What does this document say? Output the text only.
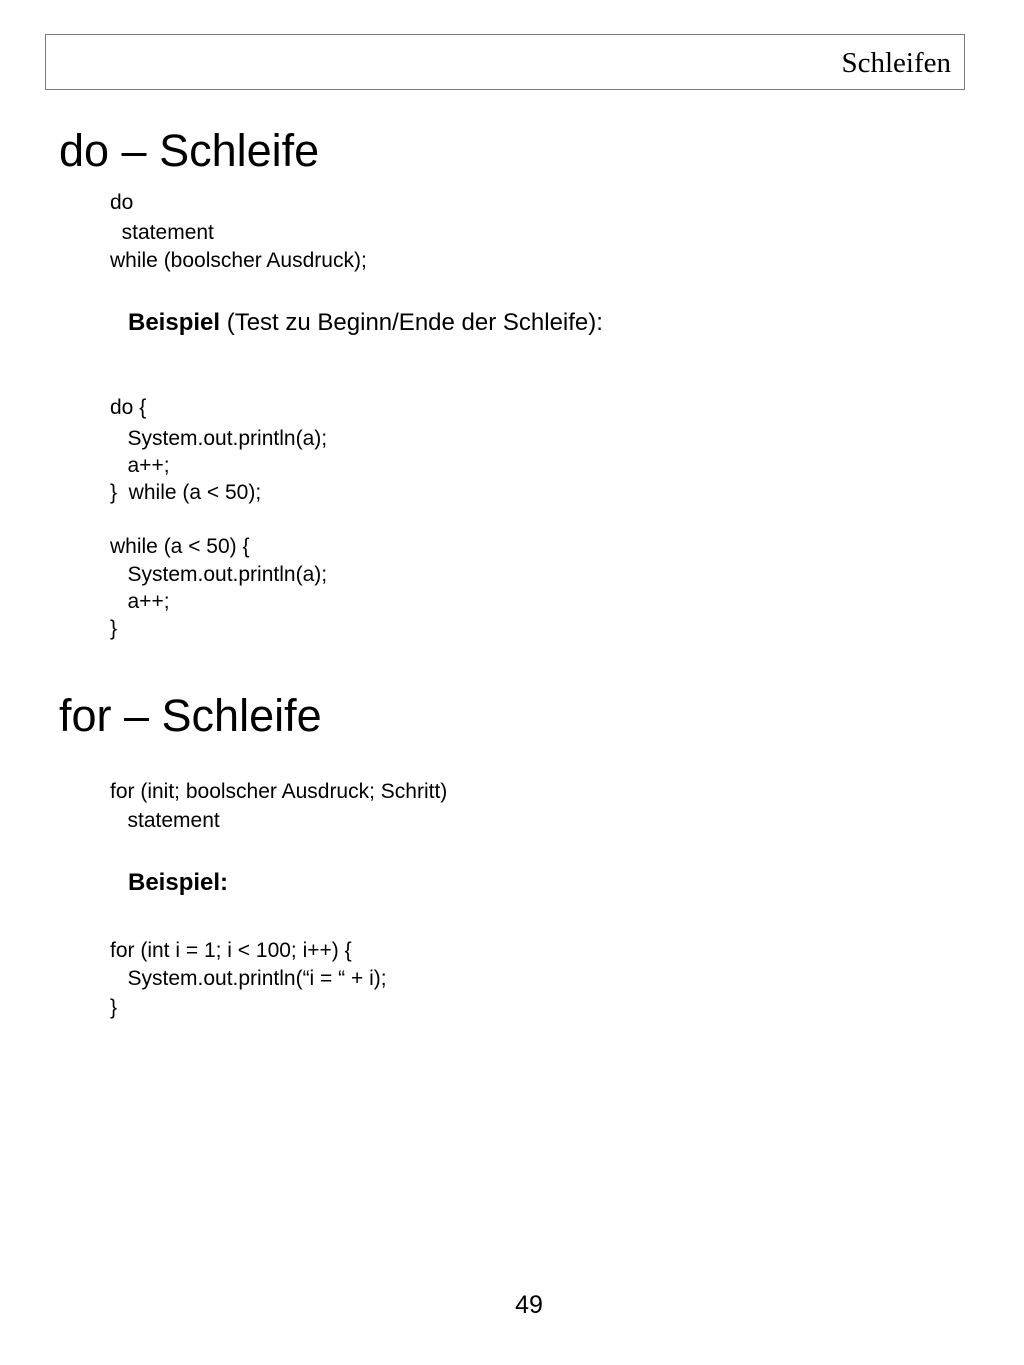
Schleifen
do – Schleife
do
statement
while (boolscher Ausdruck);
Beispiel (Test zu Beginn/Ende der Schleife):
do {
System.out.println(a);
a++;
}  while (a < 50);
while (a < 50) {
System.out.println(a);
a++;
}
for – Schleife
for (init; boolscher Ausdruck; Schritt)
statement
Beispiel:
for (int i = 1; i < 100; i++) {
System.out.println(“i = “ + i);
}
49
